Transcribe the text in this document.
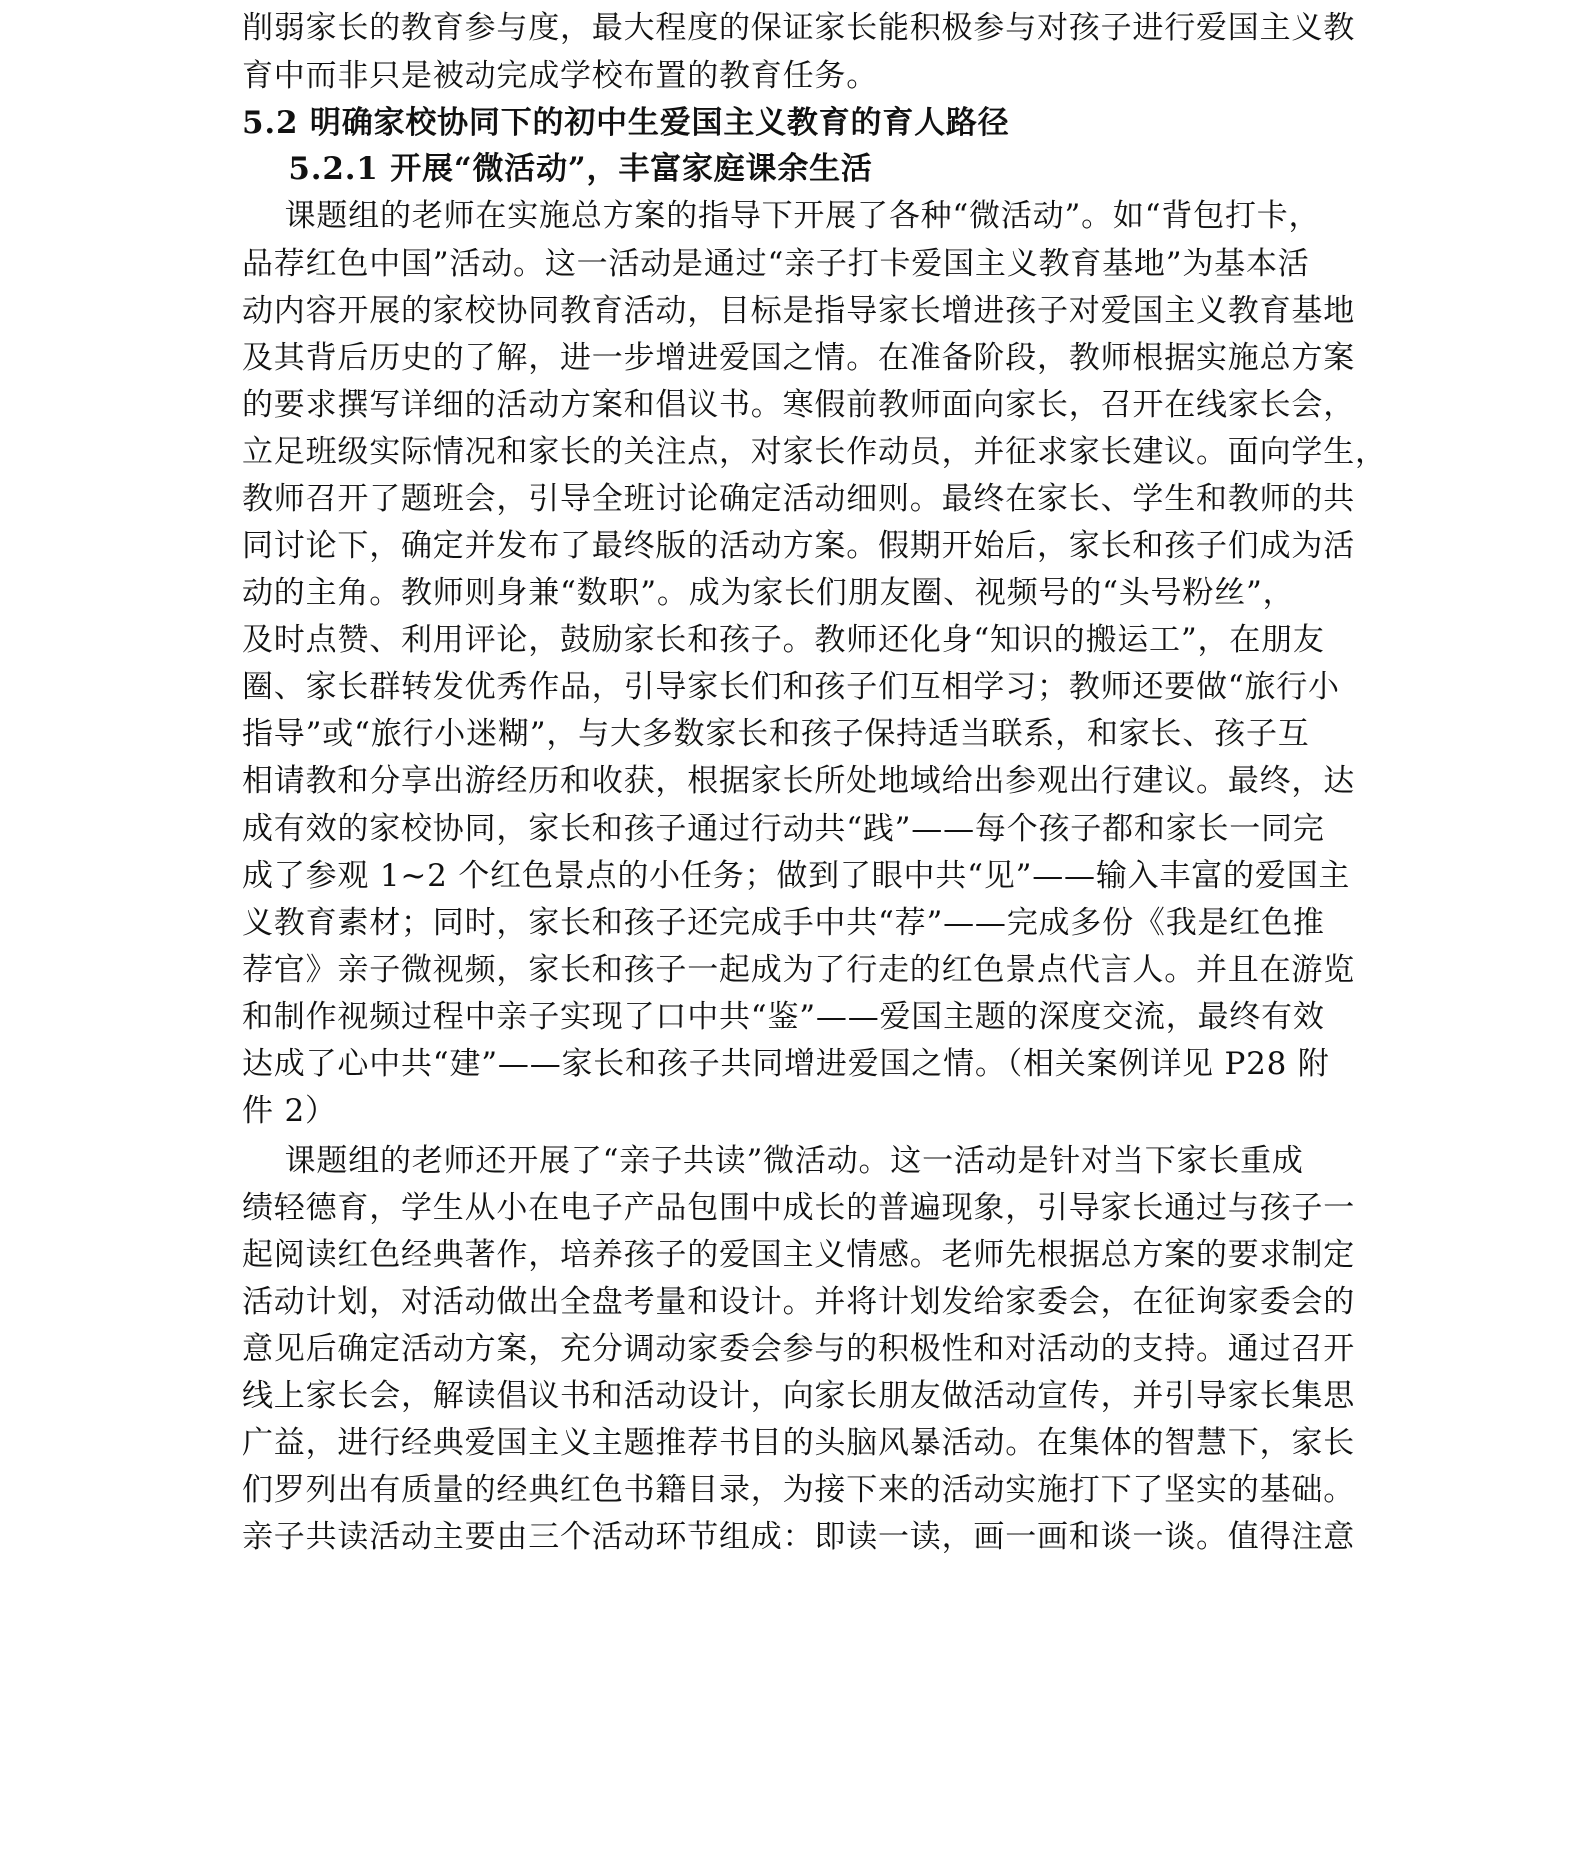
削弱家长的教育参与度，最大程度的保证家长能积极参与对孩子进行爱国主义教
育中而非只是被动完成学校布置的教育任务。
5.2 明确家校协同下的初中生爱国主义教育的育人路径
5.2.1 开展“微活动”，丰富家庭课余生活
课题组的老师在实施总方案的指导下开展了各种“微活动”。如“背包打卡，
品荐红色中国”活动。这一活动是通过“亲子打卡爱国主义教育基地”为基本活
动内容开展的家校协同教育活动，目标是指导家长增进孩子对爱国主义教育基地
及其背后历史的了解，进一步增进爱国之情。在准备阶段，教师根据实施总方案
的要求撰写详细的活动方案和倡议书。寒假前教师面向家长，召开在线家长会，
立足班级实际情况和家长的关注点，对家长作动员，并征求家长建议。面向学生，
教师召开了题班会，引导全班讨论确定活动细则。最终在家长、学生和教师的共
同讨论下，确定并发布了最终版的活动方案。假期开始后，家长和孩子们成为活
动的主角。教师则身兼“数职”。成为家长们朋友圈、视频号的“头号粉丝”，
及时点赞、利用评论，鼓励家长和孩子。教师还化身“知识的搬运工”，在朋友
圈、家长群转发优秀作品，引导家长们和孩子们互相学习；教师还要做“旅行小
指导”或“旅行小迷糊”，与大多数家长和孩子保持适当联系，和家长、孩子互
相请教和分享出游经历和收获，根据家长所处地域给出参观出行建议。最终，达
成有效的家校协同，家长和孩子通过行动共“践”——每个孩子都和家长一同完
成了参观 1~2 个红色景点的小任务；做到了眼中共“见”——输入丰富的爱国主
义教育素材；同时，家长和孩子还完成手中共“荐”——完成多份《我是红色推
荐官》亲子微视频，家长和孩子一起成为了行走的红色景点代言人。并且在游览
和制作视频过程中亲子实现了口中共“鉴”——爱国主题的深度交流，最终有效
达成了心中共“建”——家长和孩子共同增进爱国之情。（相关案例详见 P28 附
件 2）
课题组的老师还开展了“亲子共读”微活动。这一活动是针对当下家长重成
绩轻德育，学生从小在电子产品包围中成长的普遍现象，引导家长通过与孩子一
起阅读红色经典著作，培养孩子的爱国主义情感。老师先根据总方案的要求制定
活动计划，对活动做出全盘考量和设计。并将计划发给家委会，在征询家委会的
意见后确定活动方案，充分调动家委会参与的积极性和对活动的支持。通过召开
线上家长会，解读倡议书和活动设计，向家长朋友做活动宣传，并引导家长集思
广益，进行经典爱国主义主题推荐书目的头脑风暴活动。在集体的智慧下，家长
们罗列出有质量的经典红色书籍目录，为接下来的活动实施打下了坚实的基础。
亲子共读活动主要由三个活动环节组成：即读一读，画一画和谈一谈。值得注意
